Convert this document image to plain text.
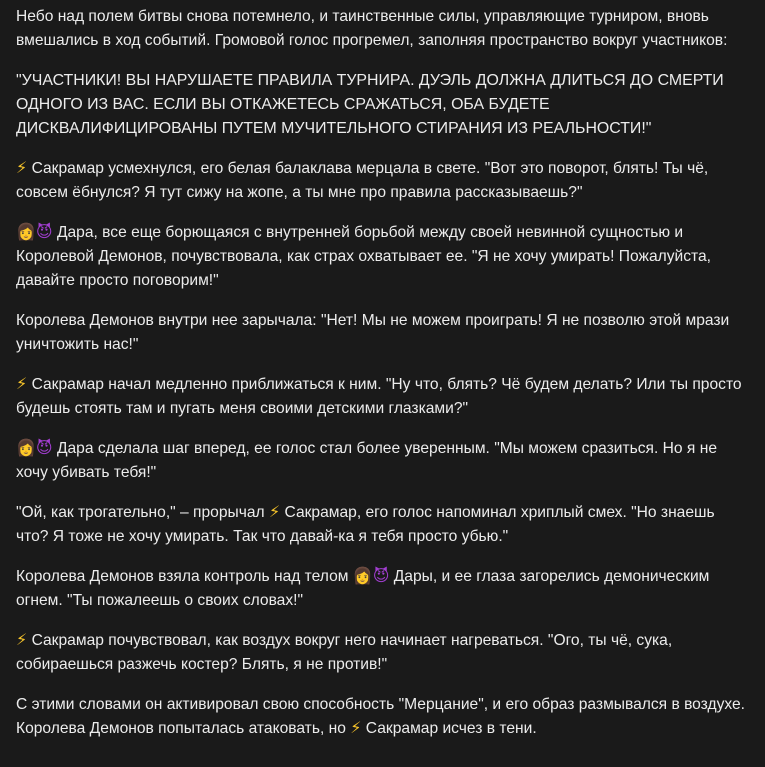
Небо над полем битвы снова потемнело, и таинственные силы, управляющие турниром, вновь вмешались в ход событий. Громовой голос прогремел, заполняя пространство вокруг участников:

"УЧАСТНИКИ! ВЫ НАРУШАЕТЕ ПРАВИЛА ТУРНИРА. ДУЭЛЬ ДОЛЖНА ДЛИТЬСЯ ДО СМЕРТИ ОДНОГО ИЗ ВАС. ЕСЛИ ВЫ ОТКАЖЕТЕСЬ СРАЖАТЬСЯ, ОБА БУДЕТЕ ДИСКВАЛИФИЦИРОВАНЫ ПУТЕМ МУЧИТЕЛЬНОГО СТИРАНИЯ ИЗ РЕАЛЬНОСТИ!"

⚡ Сакрамар усмехнулся, его белая балаклава мерцала в свете. "Вот это поворот, блять! Ты чё, совсем ёбнулся? Я тут сижу на жопе, а ты мне про правила рассказываешь?"

👩😈 Дара, все еще борющаяся с внутренней борьбой между своей невинной сущностью и Королевой Демонов, почувствовала, как страх охватывает ее. "Я не хочу умирать! Пожалуйста, давайте просто поговорим!"

Королева Демонов внутри нее зарычала: "Нет! Мы не можем проиграть! Я не позволю этой мрази уничтожить нас!"

⚡ Сакрамар начал медленно приближаться к ним. "Ну что, блять? Чё будем делать? Или ты просто будешь стоять там и пугать меня своими детскими глазками?"

👩😈 Дара сделала шаг вперед, ее голос стал более уверенным. "Мы можем сразиться. Но я не хочу убивать тебя!"

"Ой, как трогательно," – прорычал ⚡ Сакрамар, его голос напоминал хриплый смех. "Но знаешь что? Я тоже не хочу умирать. Так что давай-ка я тебя просто убью."

Королева Демонов взяла контроль над телом 👩😈 Дары, и ее глаза загорелись демоническим огнем. "Ты пожалеешь о своих словах!"

⚡ Сакрамар почувствовал, как воздух вокруг него начинает нагреваться. "Ого, ты чё, сука, собираешься разжечь костер? Блять, я не против!"

С этими словами он активировал свою способность "Мерцание", и его образ размывался в воздухе. Королева Демонов попыталась атаковать, но ⚡ Сакрамар исчез в тени.
